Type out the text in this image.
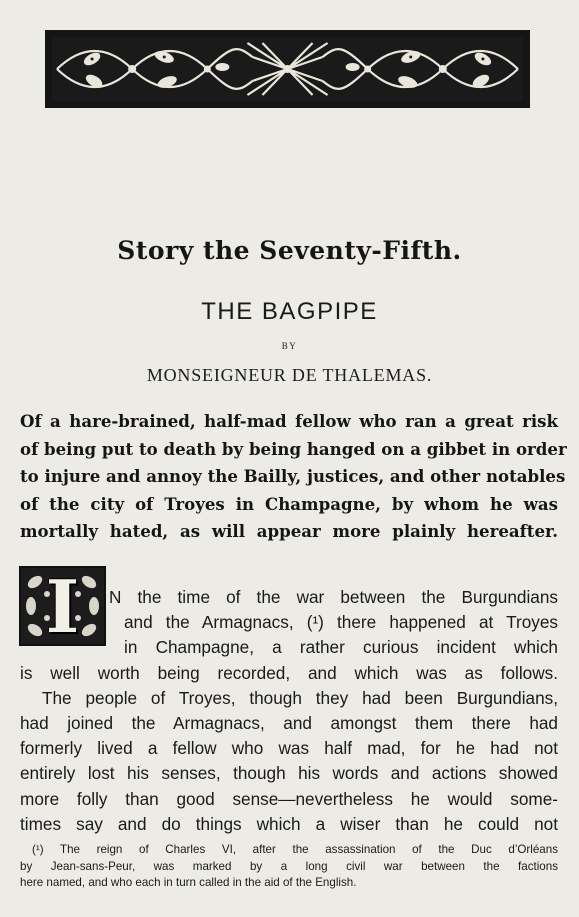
Story the Seventy-Fifth.
THE BAGPIPE
BY
MONSEIGNEUR DE THALEMAS.
Of a hare-brained, half-mad fellow who ran a great risk
of being put to death by being hanged on a gibbet in order
to injure and annoy the Bailly, justices, and other notables
of the city of Troyes in Champagne, by whom he was
mortally hated, as will appear more plainly hereafter.
I	N the time of the war between the Burgundians
and the Armagnacs, (¹) there happened at Troyes
in Champagne, a rather curious incident which
is well worth being recorded, and which was as follows.
The people of Troyes, though they had been Burgundians,
had joined the Armagnacs, and amongst them there had
formerly lived a fellow who was half mad, for he had not
entirely lost his senses, though his words and actions showed
more folly than good sense—nevertheless he would some-
times say and do things which a wiser than he could not
(¹) The reign of Charles VI, after the assassination of the Duc d’Orléans
by Jean-sans-Peur, was marked by a long civil war between the factions
here named, and who each in turn called in the aid of the English.
